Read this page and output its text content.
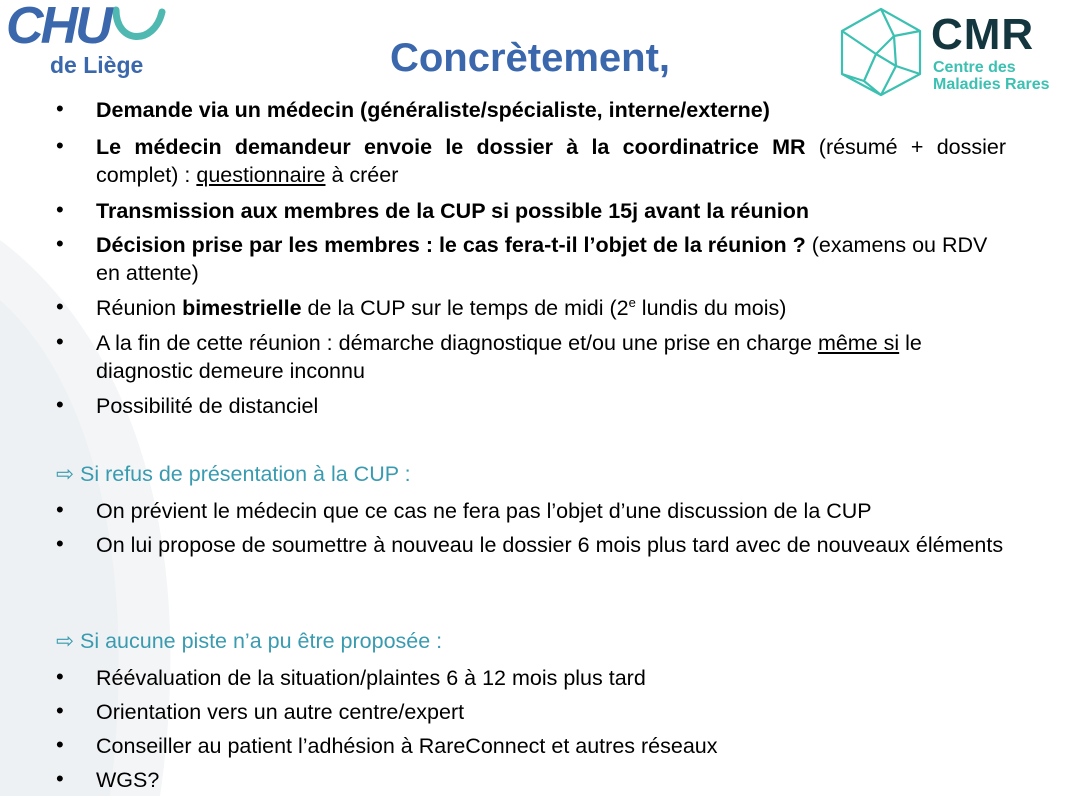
CHU
de Liège	Concrètement,	CMR
Centre des
Maladies Rares
• Demande via un médecin (généraliste/spécialiste, interne/externe)
• Le médecin demandeur envoie le dossier à la coordinatrice MR (résumé + dossier complet) : questionnaire à créer
• Transmission aux membres de la CUP si possible 15j avant la réunion
• Décision prise par les membres : le cas fera-t-il l’objet de la réunion ? (examens ou RDV en attente)
• Réunion bimestrielle de la CUP sur le temps de midi (2e lundis du mois)
• A la fin de cette réunion : démarche diagnostique et/ou une prise en charge même si le diagnostic demeure inconnu
• Possibilité de distanciel
⇨ Si refus de présentation à la CUP :
• On prévient le médecin que ce cas ne fera pas l’objet d’une discussion de la CUP
• On lui propose de soumettre à nouveau le dossier 6 mois plus tard avec de nouveaux éléments
⇨ Si aucune piste n’a pu être proposée :
• Réévaluation de la situation/plaintes 6 à 12 mois plus tard
• Orientation vers un autre centre/expert
• Conseiller au patient l’adhésion à RareConnect et autres réseaux
• WGS?
